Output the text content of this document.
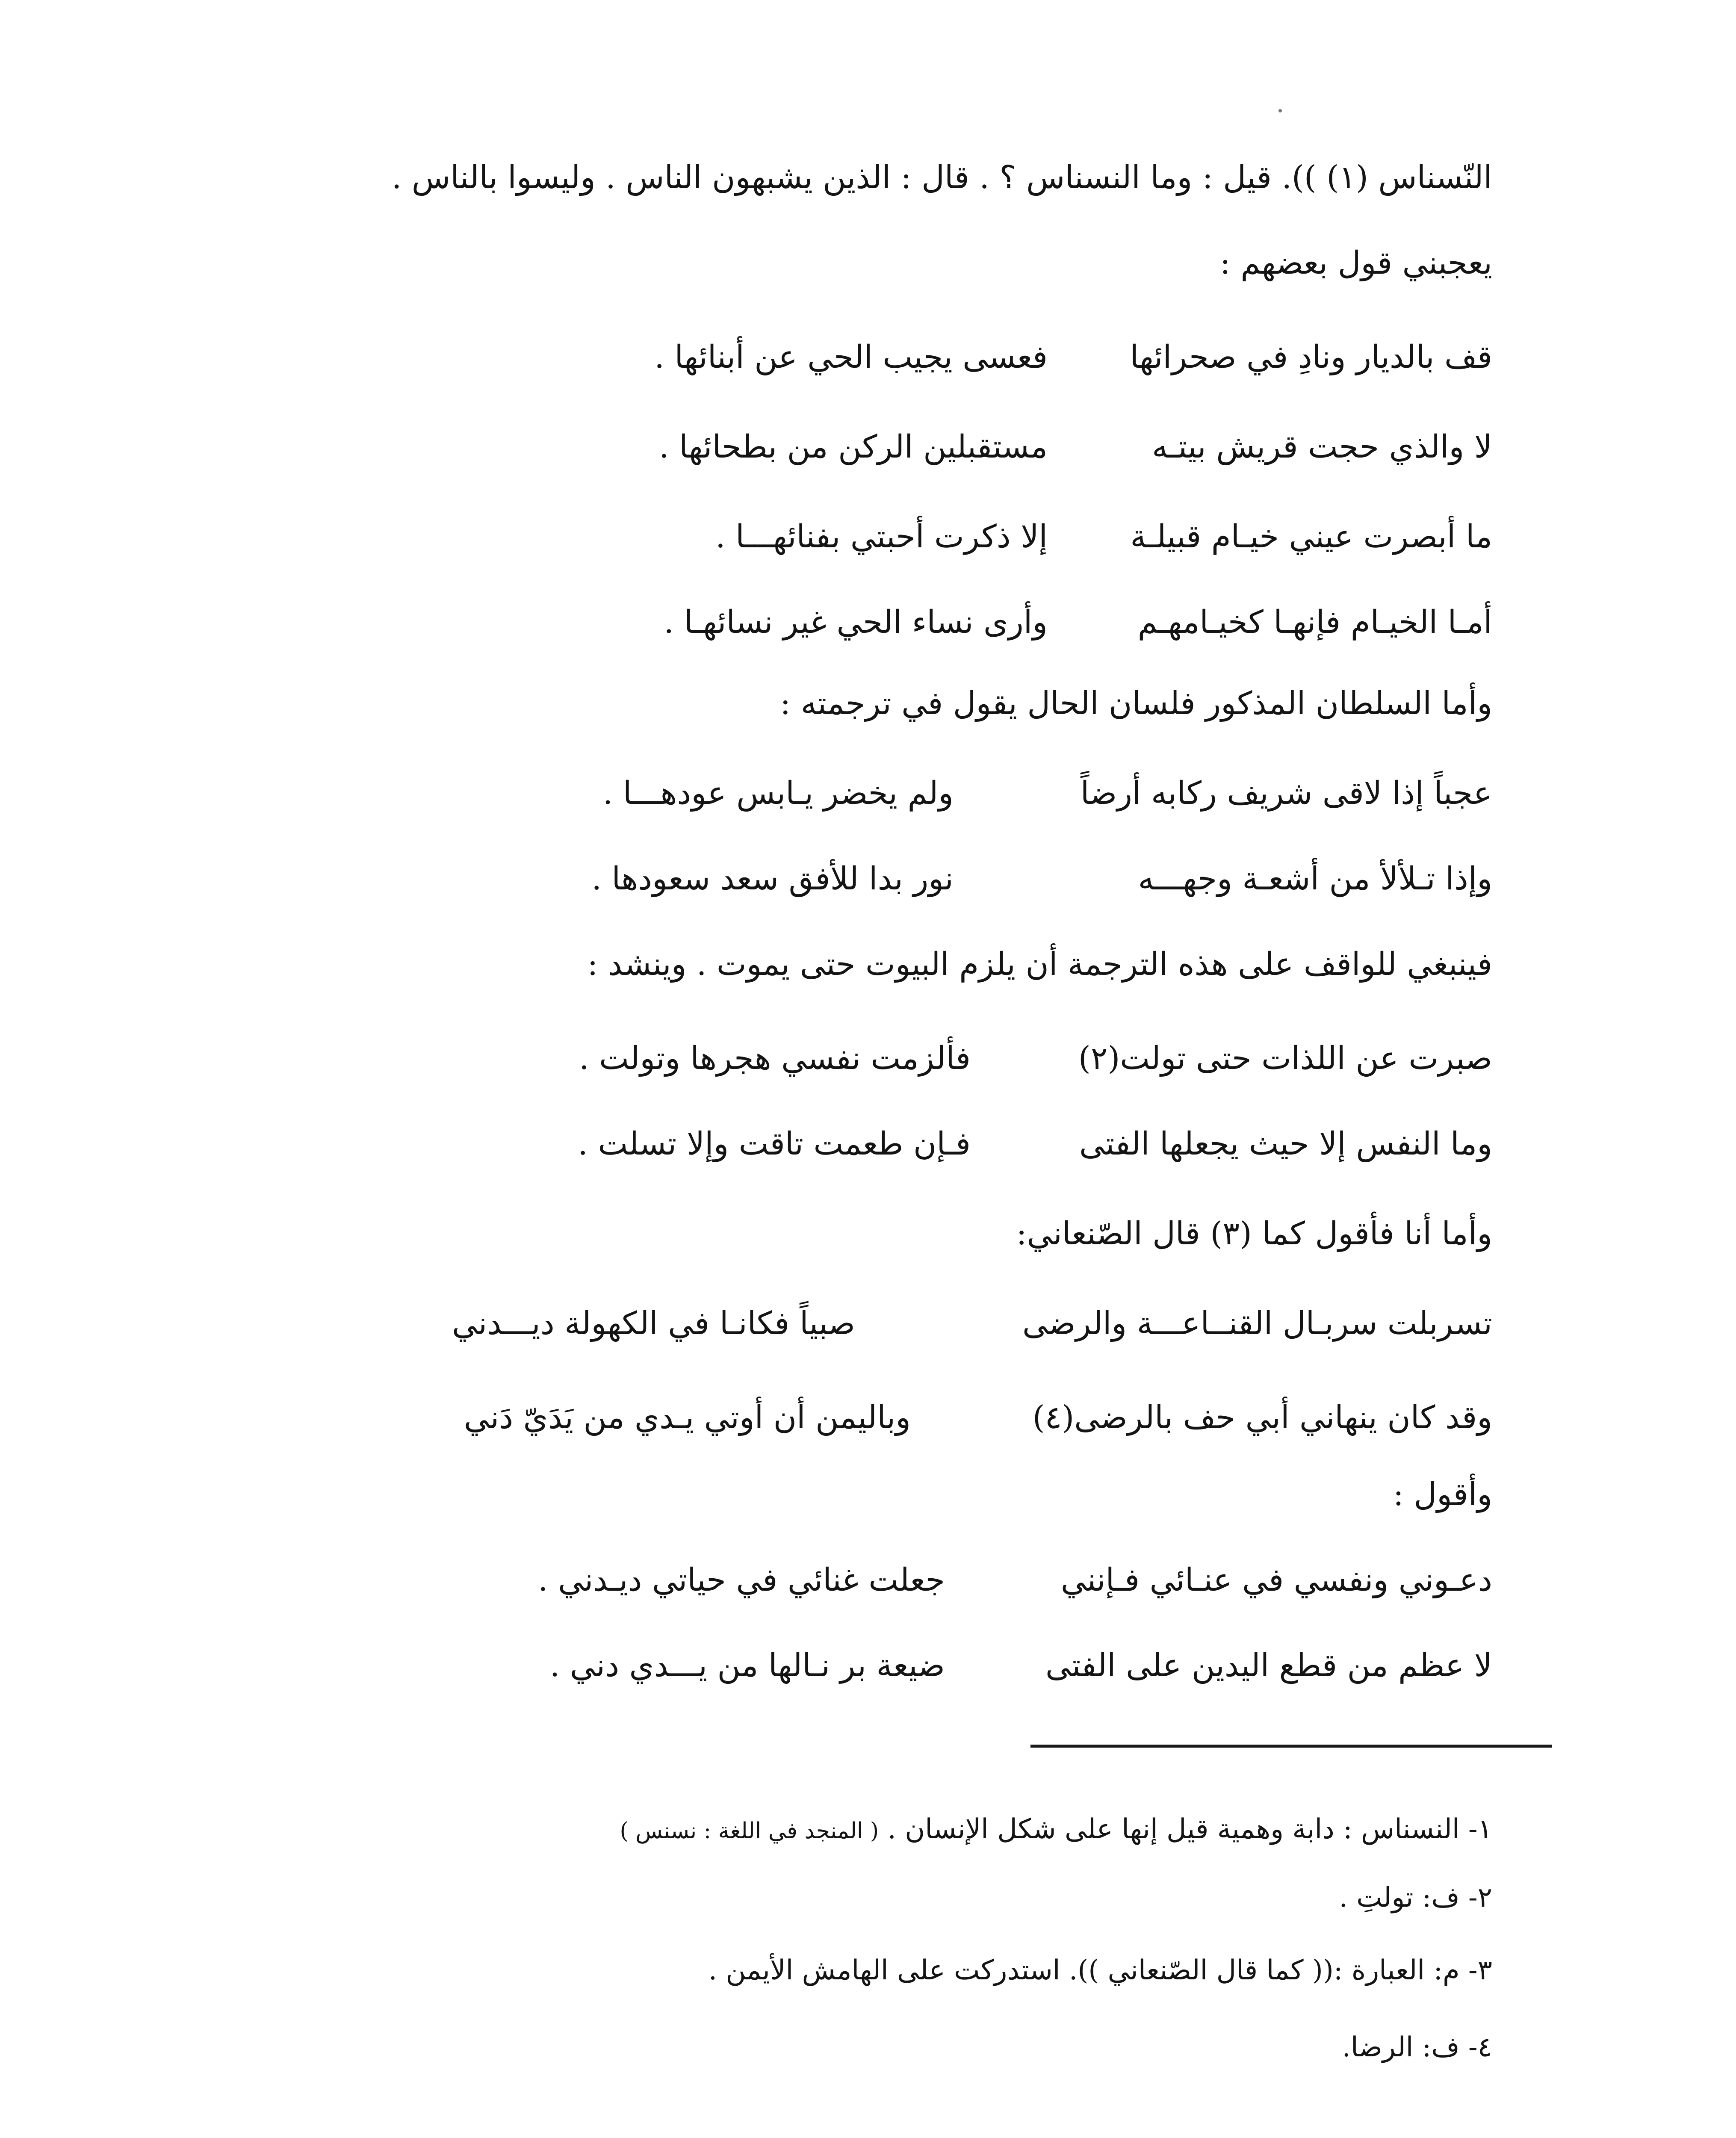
النّسناس (١) )). قيل : وما النسناس ؟ . قال : الذين يشبهون الناس . وليسوا بالناس .
يعجبني قول بعضهم :
قف بالديار ونادِ في صحرائها
فعسى يجيب الحي عن أبنائها .
لا والذي حجت قريش بيتـه
مستقبلين الركن من بطحائها .
ما أبصرت عيني خيـام قبيلـة
إلا ذكرت أحبتي بفنائهـــا .
أمـا الخيـام فإنهـا كخيـامهـم
وأرى نساء الحي غير نسائهـا .
وأما السلطان المذكور فلسان الحال يقول في ترجمته :
عجباً إذا لاقى شريف ركابه أرضاً
ولم يخضر يـابس عودهـــا .
وإذا تـلألأ من أشعـة وجهـــه
نور بدا للأفق سعد سعودها .
فينبغي للواقف على هذه الترجمة أن يلزم البيوت حتى يموت . وينشد :
صبرت عن اللذات حتى تولت(٢)
فألزمت نفسي هجرها وتولت .
وما النفس إلا حيث يجعلها الفتى
فـإن طعمت تاقت وإلا تسلت .
وأما أنا فأقول كما (٣) قال الصّنعاني:
تسربلت سربـال القنــاعـــة والرضى
صبياً فكانـا في الكهولة ديـــدني
وقد كان ينهاني أبي حف بالرضى(٤)
وباليمن أن أوتي يـدي من يَدَيّ دَني
وأقول :
دعـوني ونفسي في عنـائي فـإنني
جعلت غنائي في حياتي ديـدني .
لا عظم من قطع اليدين على الفتى
ضيعة بر نـالها من يـــدي دني .
١- النسناس : دابة وهمية قيل إنها على شكل الإنسان . ( المنجد في اللغة : نسنس )
٢- ف: تولتِ .
٣- م: العبارة :(( كما قال الصّنعاني )). استدركت على الهامش الأيمن .
٤- ف: الرضا.
